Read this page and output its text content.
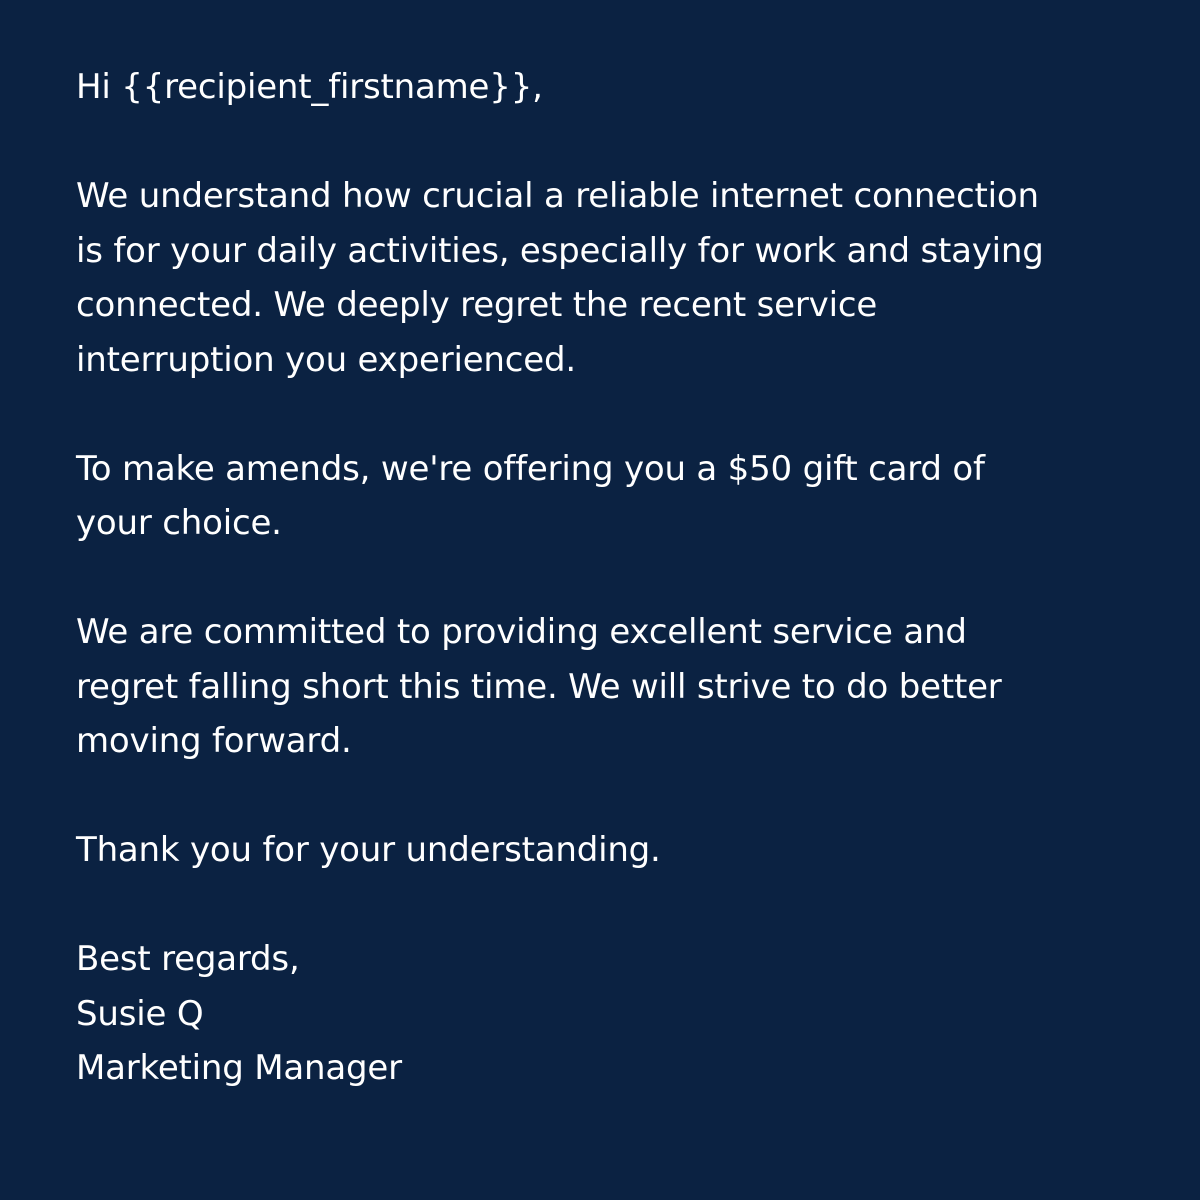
Hi {{recipient_firstname}},
We understand how crucial a reliable internet connection
is for your daily activities, especially for work and staying
connected. We deeply regret the recent service
interruption you experienced.
To make amends, we're offering you a $50 gift card of
your choice.
We are committed to providing excellent service and
regret falling short this time. We will strive to do better
moving forward.
Thank you for your understanding.
Best regards,
Susie Q
Marketing Manager
